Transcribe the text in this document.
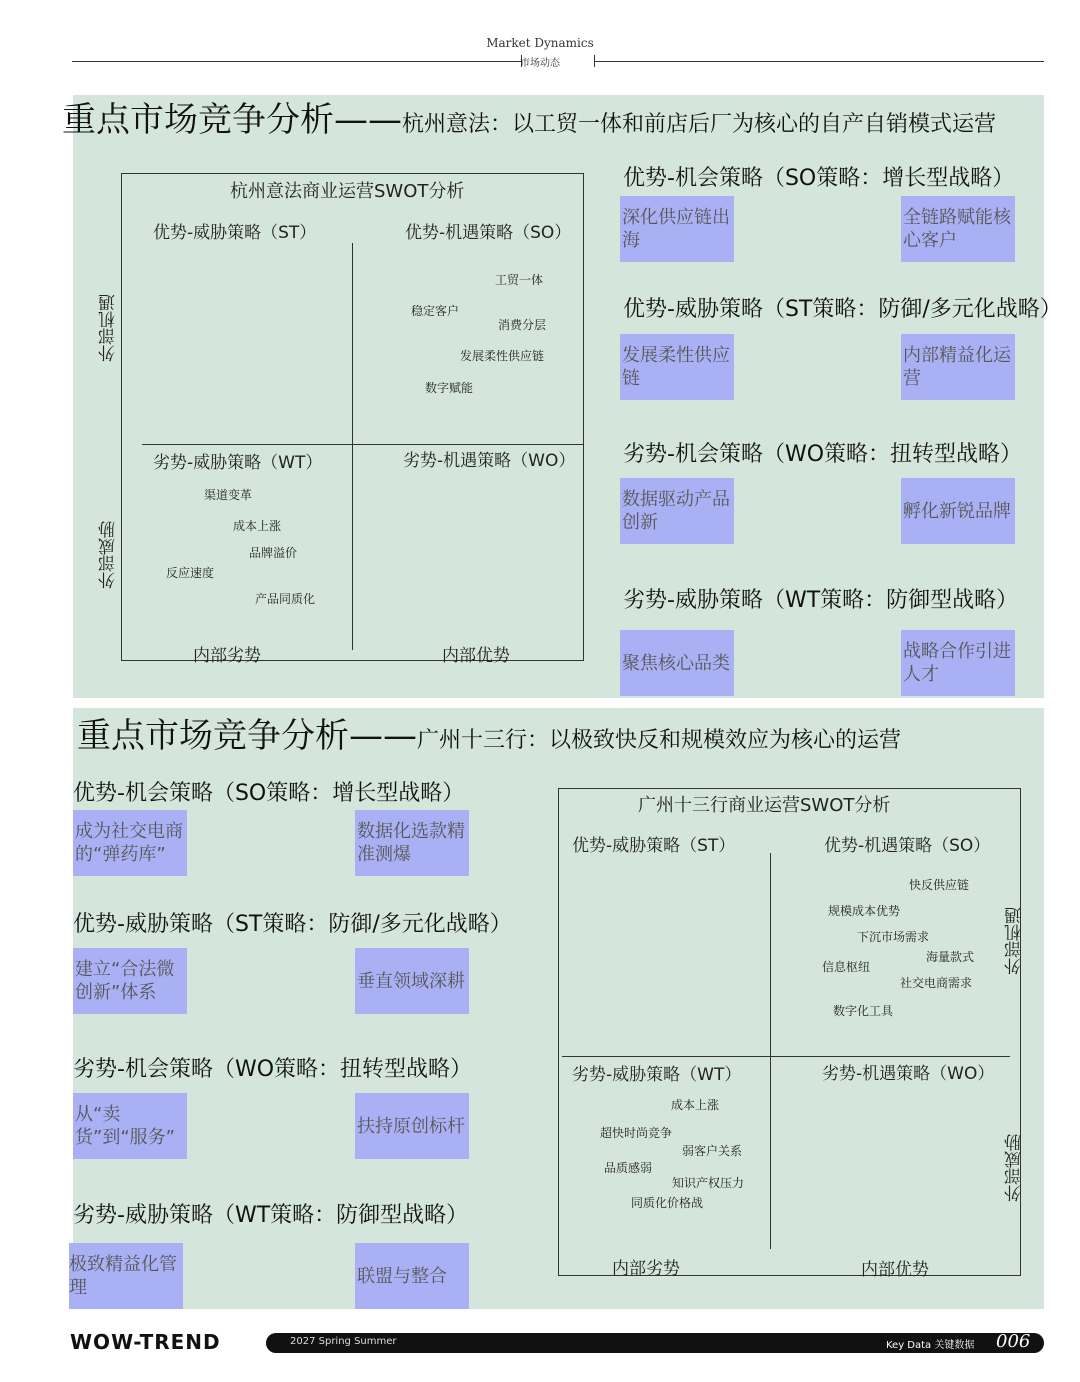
Market Dynamics
市场动态
重点市场竞争分析——杭州意法：以工贸一体和前店后厂为核心的自产自销模式运营
杭州意法商业运营SWOT分析
优势-威胁策略（ST）	优势-机遇策略（SO）
劣势-威胁策略（WT）	劣势-机遇策略（WO）
外部机遇
外部威胁
内部劣势	内部优势
工贸一体
稳定客户
消费分层
发展柔性供应链
数字赋能
渠道变革
成本上涨
品牌溢价
反应速度
产品同质化
优势-机会策略（SO策略：增长型战略）
深化供应链出海
全链路赋能核心客户
优势-威胁策略（ST策略：防御/多元化战略）
发展柔性供应链
内部精益化运营
劣势-机会策略（WO策略：扭转型战略）
数据驱动产品创新
孵化新锐品牌
劣势-威胁策略（WT策略：防御型战略）
聚焦核心品类
战略合作引进人才
重点市场竞争分析——广州十三行：以极致快反和规模效应为核心的运营
优势-机会策略（SO策略：增长型战略）
成为社交电商的“弹药库”
数据化选款精准测爆
优势-威胁策略（ST策略：防御/多元化战略）
建立“合法微创新”体系
垂直领域深耕
劣势-机会策略（WO策略：扭转型战略）
从“卖货”到“服务”
扶持原创标杆
劣势-威胁策略（WT策略：防御型战略）
极致精益化管理
联盟与整合
广州十三行商业运营SWOT分析
优势-威胁策略（ST）	优势-机遇策略（SO）
劣势-威胁策略（WT）	劣势-机遇策略（WO）
外部机遇
外部威胁
内部劣势	内部优势
快反供应链
规模成本优势
下沉市场需求
海量款式
信息枢纽
社交电商需求
数字化工具
成本上涨
超快时尚竞争
弱客户关系
品质感弱
知识产权压力
同质化价格战
WOW-TREND	2027 Spring Summer	Key Data 关键数据 006
